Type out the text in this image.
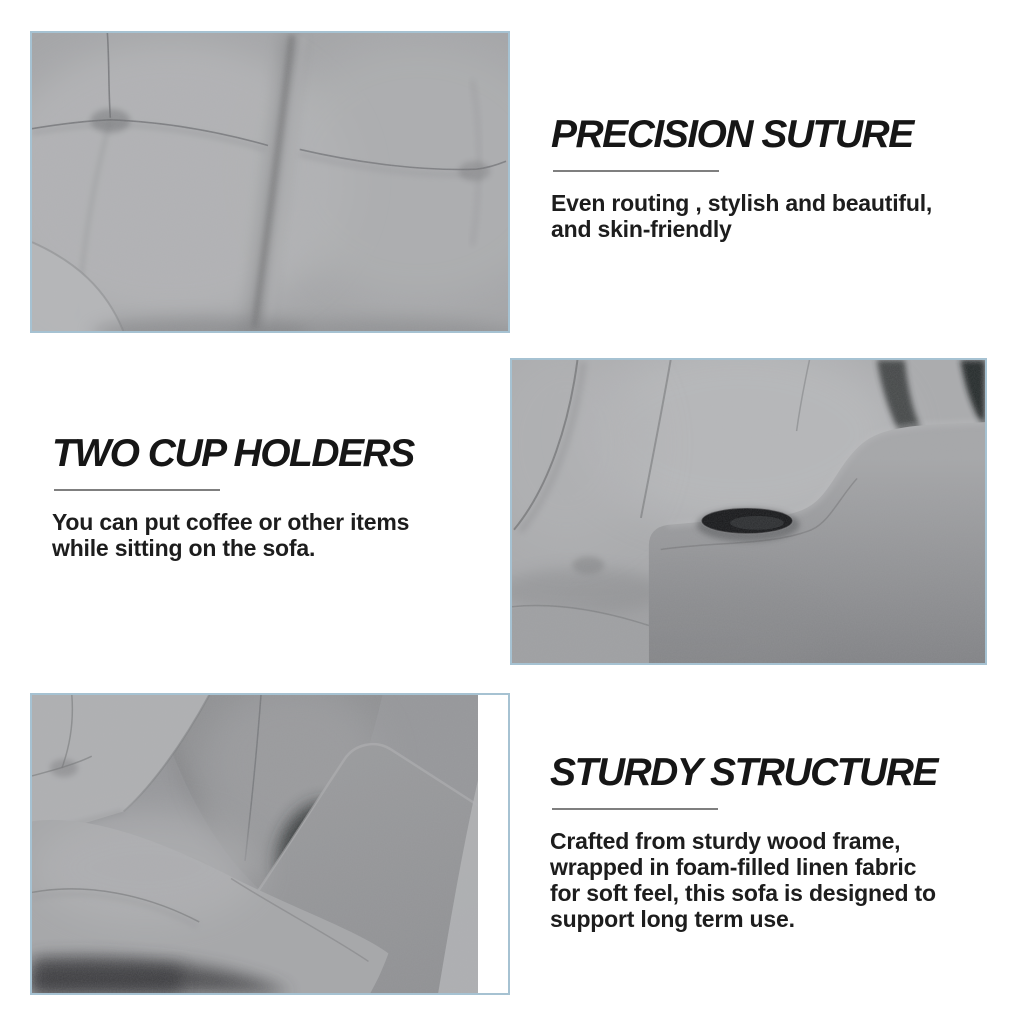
PRECISION SUTURE
Even routing , stylish and beautiful,
and skin-friendly
TWO CUP HOLDERS
You can put coffee or other items
while sitting on the sofa.
STURDY STRUCTURE
Crafted from sturdy wood frame,
wrapped in foam-filled linen fabric
for soft feel, this sofa is designed to
support long term use.
